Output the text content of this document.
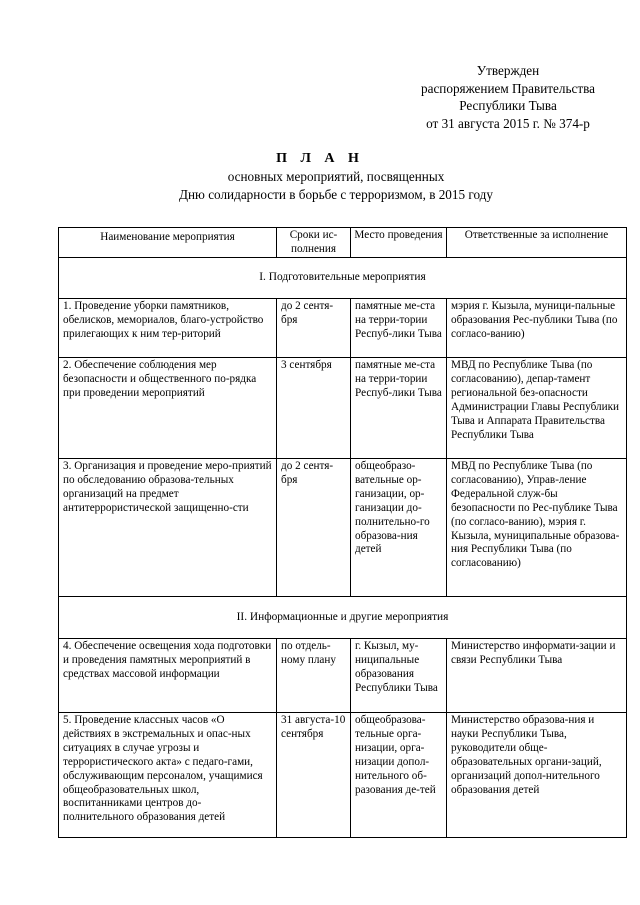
Утвержден
распоряжением Правительства
Республики Тыва
от 31 августа 2015 г. № 374-р
П Л А Н
основных мероприятий, посвященных
Дню солидарности в борьбе с терроризмом, в 2015 году
Наименование мероприятия	Сроки ис-полнения	Место проведения	Ответственные за исполнение
I. Подготовительные мероприятия			
1. Проведение уборки памятников, обелисков, мемориалов, благо-устройство прилегающих к ним тер-риторий	до 2 сентя-бря	памятные ме-ста на терри-тории Респуб-лики Тыва	мэрия г. Кызыла, муници-пальные образования Рес-публики Тыва (по согласо-ванию)
2. Обеспечение соблюдения мер безопасности и общественного по-рядка при проведении мероприятий	3 сентября	памятные ме-ста на терри-тории Респуб-лики Тыва	МВД по Республике Тыва (по согласованию), депар-тамент региональной без-опасности Администрации Главы Республики Тыва и Аппарата Правительства Республики Тыва
3. Организация и проведение меро-приятий по обследованию образова-тельных организаций на предмет антитеррористической защищенно-сти	до 2 сентя-бря	общеобразо-вательные ор-ганизации, ор-ганизации до-полнительно-го образова-ния детей	МВД по Республике Тыва (по согласованию), Управ-ление Федеральной служ-бы безопасности по Рес-публике Тыва (по согласо-ванию), мэрия г. Кызыла, муниципальные образова-ния Республики Тыва (по согласованию)
II. Информационные и другие мероприятия			
4. Обеспечение освещения хода подготовки и проведения памятных мероприятий в средствах массовой информации	по отдель-ному плану	г. Кызыл, му-ниципальные образования Республики Тыва	Министерство информати-зации и связи Республики Тыва
5. Проведение классных часов «О действиях в экстремальных и опас-ных ситуациях в случае угрозы и террористического акта» с педаго-гами, обслуживающим персоналом, учащимися общеобразовательных школ, воспитанниками центров до-полнительного образования детей	31 августа-10 сентября	общеобразова-тельные орга-низации, орга-низации допол-нительного об-разования де-тей	Министерство образова-ния и науки Республики Тыва, руководители обще-образовательных органи-заций, организаций допол-нительного образования детей
